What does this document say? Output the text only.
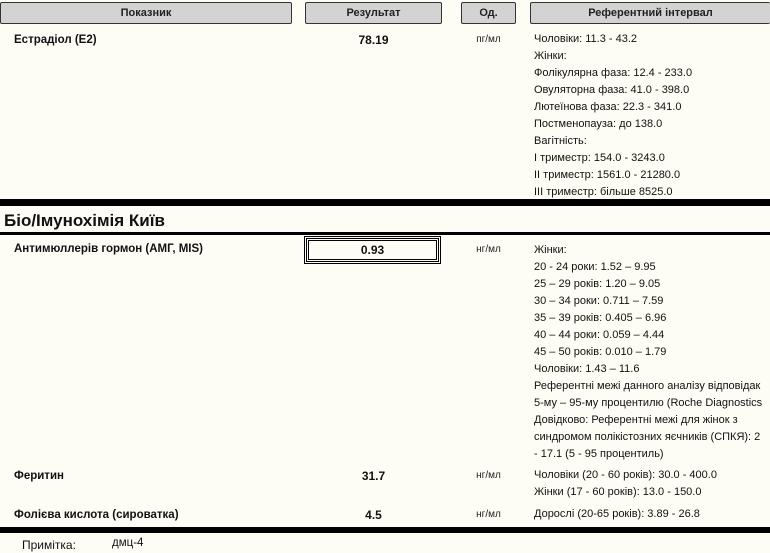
Показник	Результат	Од.	Референтний інтервал
Естрадіол (Е2)	78.19	пг/мл	Чоловіки: 11.3 - 43.2
Жінки:
Фолікулярна фаза: 12.4 - 233.0
Овуляторна фаза: 41.0 - 398.0
Лютеїнова фаза: 22.3 - 341.0
Постменопауза: до 138.0
Вагітність:
І триместр: 154.0 - 3243.0
ІІ триместр: 1561.0 - 21280.0
ІІІ триместр: більше 8525.0
Біо/Імунохімія Київ
Антимюллерів гормон (АМГ, MIS)	0.93	нг/мл	Жінки:
20 - 24 роки: 1.52 – 9.95
25 – 29 років: 1.20 – 9.05
30 – 34 роки: 0.711 – 7.59
35 – 39 років: 0.405 – 6.96
40 – 44 роки: 0.059 – 4.44
45 – 50 років: 0.010 – 1.79
Чоловіки: 1.43 – 11.6
Референтні межі данного аналізу відповідак
5-му – 95-му процентилю (Roche Diagnostics
Довідково: Референтні межі для жінок з
синдромом полікістозних яєчників (СПКЯ): 2
- 17.1 (5 - 95 процентиль)
Феритин	31.7	нг/мл	Чоловіки (20 - 60 років): 30.0 - 400.0
Жінки (17 - 60 років): 13.0 - 150.0
Фолієва кислота (сироватка)	4.5	нг/мл	Дорослі (20-65 років): 3.89 - 26.8
Примітка:	дмц-4
